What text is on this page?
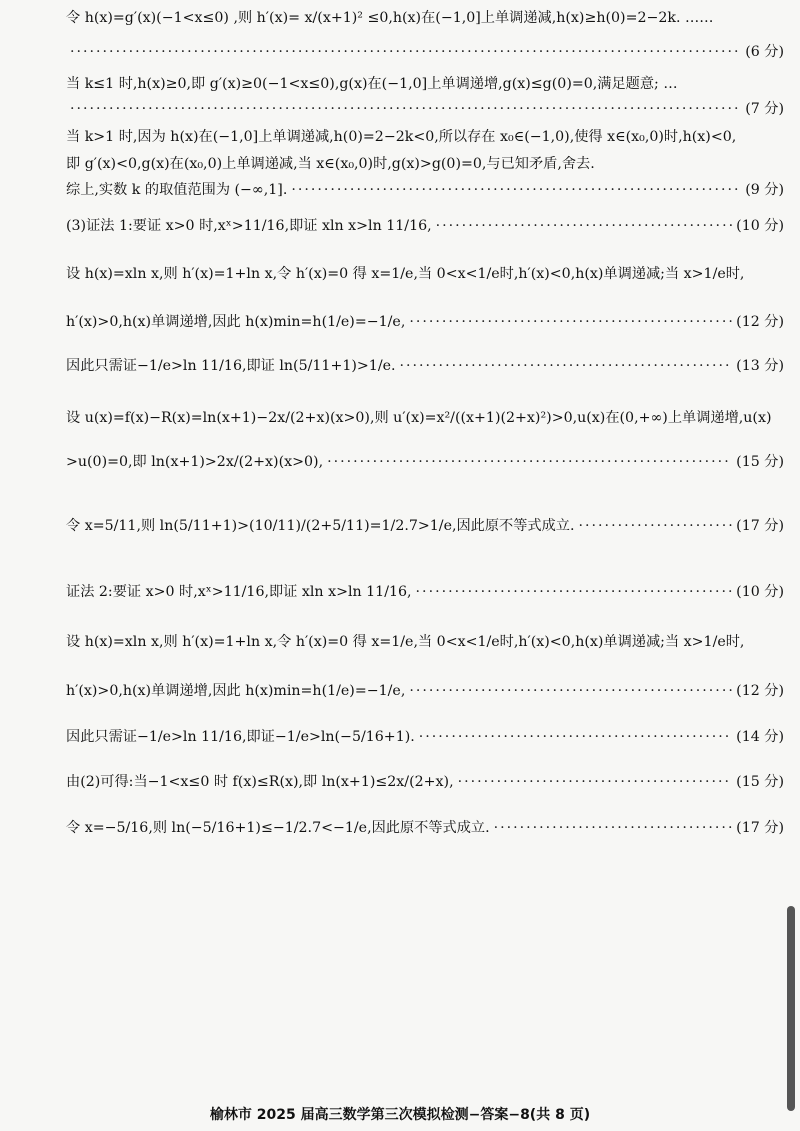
令 h(x)=g′(x)(−1<x≤0) ,则 h′(x)= x/(x+1)² ≤0,h(x)在(−1,0]上单调递减,h(x)≥h(0)=2−2k. ……
·····
(6 分)
当 k≤1 时,h(x)≥0,即 g′(x)≥0(−1<x≤0),g(x)在(−1,0]上单调递增,g(x)≤g(0)=0,满足题意; …
·····
(7 分)
当 k>1 时,因为 h(x)在(−1,0]上单调递减,h(0)=2−2k<0,所以存在 x₀∈(−1,0),使得 x∈(x₀,0)时,h(x)<0,
即 g′(x)<0,g(x)在(x₀,0)上单调递减,当 x∈(x₀,0)时,g(x)>g(0)=0,与已知矛盾,舍去.
综上,实数 k 的取值范围为 (−∞,1]. ·····	(9 分)
(3)证法 1:要证 x>0 时,xˣ>11/16,即证 xln x>ln 11/16, ·····	(10 分)
设 h(x)=xln x,则 h′(x)=1+ln x,令 h′(x)=0 得 x=1/e,当 0<x<1/e时,h′(x)<0,h(x)单调递减;当 x>1/e时,
h′(x)>0,h(x)单调递增,因此 h(x)min=h(1/e)=−1/e, ·····	(12 分)
因此只需证−1/e>ln 11/16,即证 ln(5/11+1)>1/e. ·····	(13 分)
设 u(x)=f(x)−R(x)=ln(x+1)−2x/(2+x)(x>0),则 u′(x)=x²/((x+1)(2+x)²)>0,u(x)在(0,+∞)上单调递增,u(x)
>u(0)=0,即 ln(x+1)>2x/(2+x)(x>0), ·····	(15 分)
令 x=5/11,则 ln(5/11+1)>(10/11)/(2+5/11)=1/2.7>1/e,因此原不等式成立. ·····	(17 分)
证法 2:要证 x>0 时,xˣ>11/16,即证 xln x>ln 11/16, ·····	(10 分)
设 h(x)=xln x,则 h′(x)=1+ln x,令 h′(x)=0 得 x=1/e,当 0<x<1/e时,h′(x)<0,h(x)单调递减;当 x>1/e时,
h′(x)>0,h(x)单调递增,因此 h(x)min=h(1/e)=−1/e, ·····	(12 分)
因此只需证−1/e>ln 11/16,即证−1/e>ln(−5/16+1). ·····	(14 分)
由(2)可得:当−1<x≤0 时 f(x)≤R(x),即 ln(x+1)≤2x/(2+x), ·····	(15 分)
令 x=−5/16,则 ln(−5/16+1)≤−1/2.7<−1/e,因此原不等式成立. ·····	(17 分)
榆林市 2025 届高三数学第三次模拟检测−答案−8(共 8 页)
